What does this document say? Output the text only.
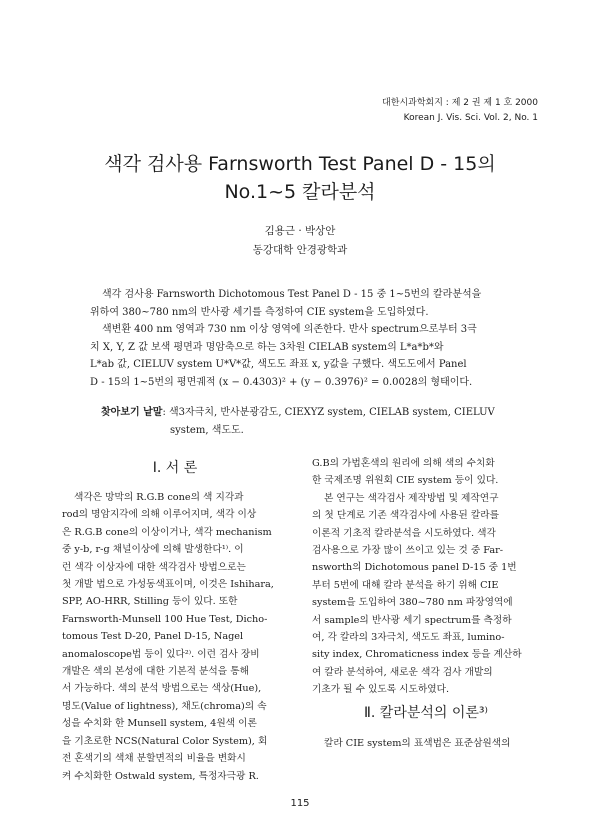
대한시과학회지 : 제 2 권 제 1 호 2000
Korean J. Vis. Sci. Vol. 2, No. 1
색각 검사용 Farnsworth Test Panel D - 15의
No.1~5 칼라분석
김용근 · 박상안
동강대학 안경광학과

색각 검사용 Farnsworth Dichotomous Test Panel D - 15 중 1~5번의 칼라분석을

위하여 380~780 nm의 반사광 세기를 측정하여 CIE system을 도입하였다.

색변환 400 nm 영역과 730 nm 이상 영역에 의존한다. 반사 spectrum으로부터 3극

치 X, Y, Z 값 보색 평면과 명암축으로 하는 3차원 CIELAB system의 L*a*b*와

L*ab 값, CIELUV system U*V*값, 색도도 좌표 x, y값을 구했다. 색도도에서 Panel

D - 15의 1~5번의 평면궤적 (x − 0.4303)² + (y − 0.3976)² = 0.0028의 형태이다.

찾아보기 낱말: 색3자극치, 반사분광감도, CIEXYZ system, CIELAB system, CIELUV
system, 색도도.
Ⅰ. 서 론
색각은 망막의 R.G.B cone의 색 지각과
rod의 명암지각에 의해 이루어지며, 색각 이상
은 R.G.B cone의 이상이거나, 색각 mechanism
중 y-b, r-g 채널이상에 의해 발생한다¹⁾. 이
런 색각 이상자에 대한 색각검사 방법으로는
첫 개발 법으로 가성동색표이며, 이것은 Ishihara,
SPP, AO-HRR, Stilling 등이 있다. 또한
Farnsworth-Munsell 100 Hue Test, Dicho-
tomous Test D-20, Panel D-15, Nagel
anomaloscope법 등이 있다²⁾. 이런 검사 장비
개발은 색의 본성에 대한 기본적 분석을 통해
서 가능하다. 색의 분석 방법으로는 색상(Hue),
명도(Value of lightness), 채도(chroma)의 속
성을 수치화 한 Munsell system, 4원색 이론
을 기초로한 NCS(Natural Color System), 회
전 혼색기의 색채 분할면적의 비율을 변화시
켜 수치화한 Ostwald system, 특정자극광 R.
G.B의 가법혼색의 원리에 의해 색의 수치화
한 국제조명 위원회 CIE system 등이 있다.
본 연구는 색각검사 제작방법 및 제작연구
의 첫 단계로 기존 색각검사에 사용된 칼라를
이론적 기초적 칼라분석을 시도하였다. 색각
검사용으로 가장 많이 쓰이고 있는 것 중 Far-
nsworth의 Dichotomous panel D-15 중 1번
부터 5번에 대해 칼라 분석을 하기 위해 CIE
system을 도입하여 380~780 nm 파장영역에
서 sample의 반사광 세기 spectrum를 측정하
여, 각 칼라의 3자극치, 색도도 좌표, lumino-
sity index, Chromaticness index 등을 계산하
여 칼라 분석하여, 새로운 색각 검사 개발의
기초가 될 수 있도록 시도하였다.
Ⅱ. 칼라분석의 이론³⁾
칼라 CIE system의 표색법은 표준삼원색의
115
